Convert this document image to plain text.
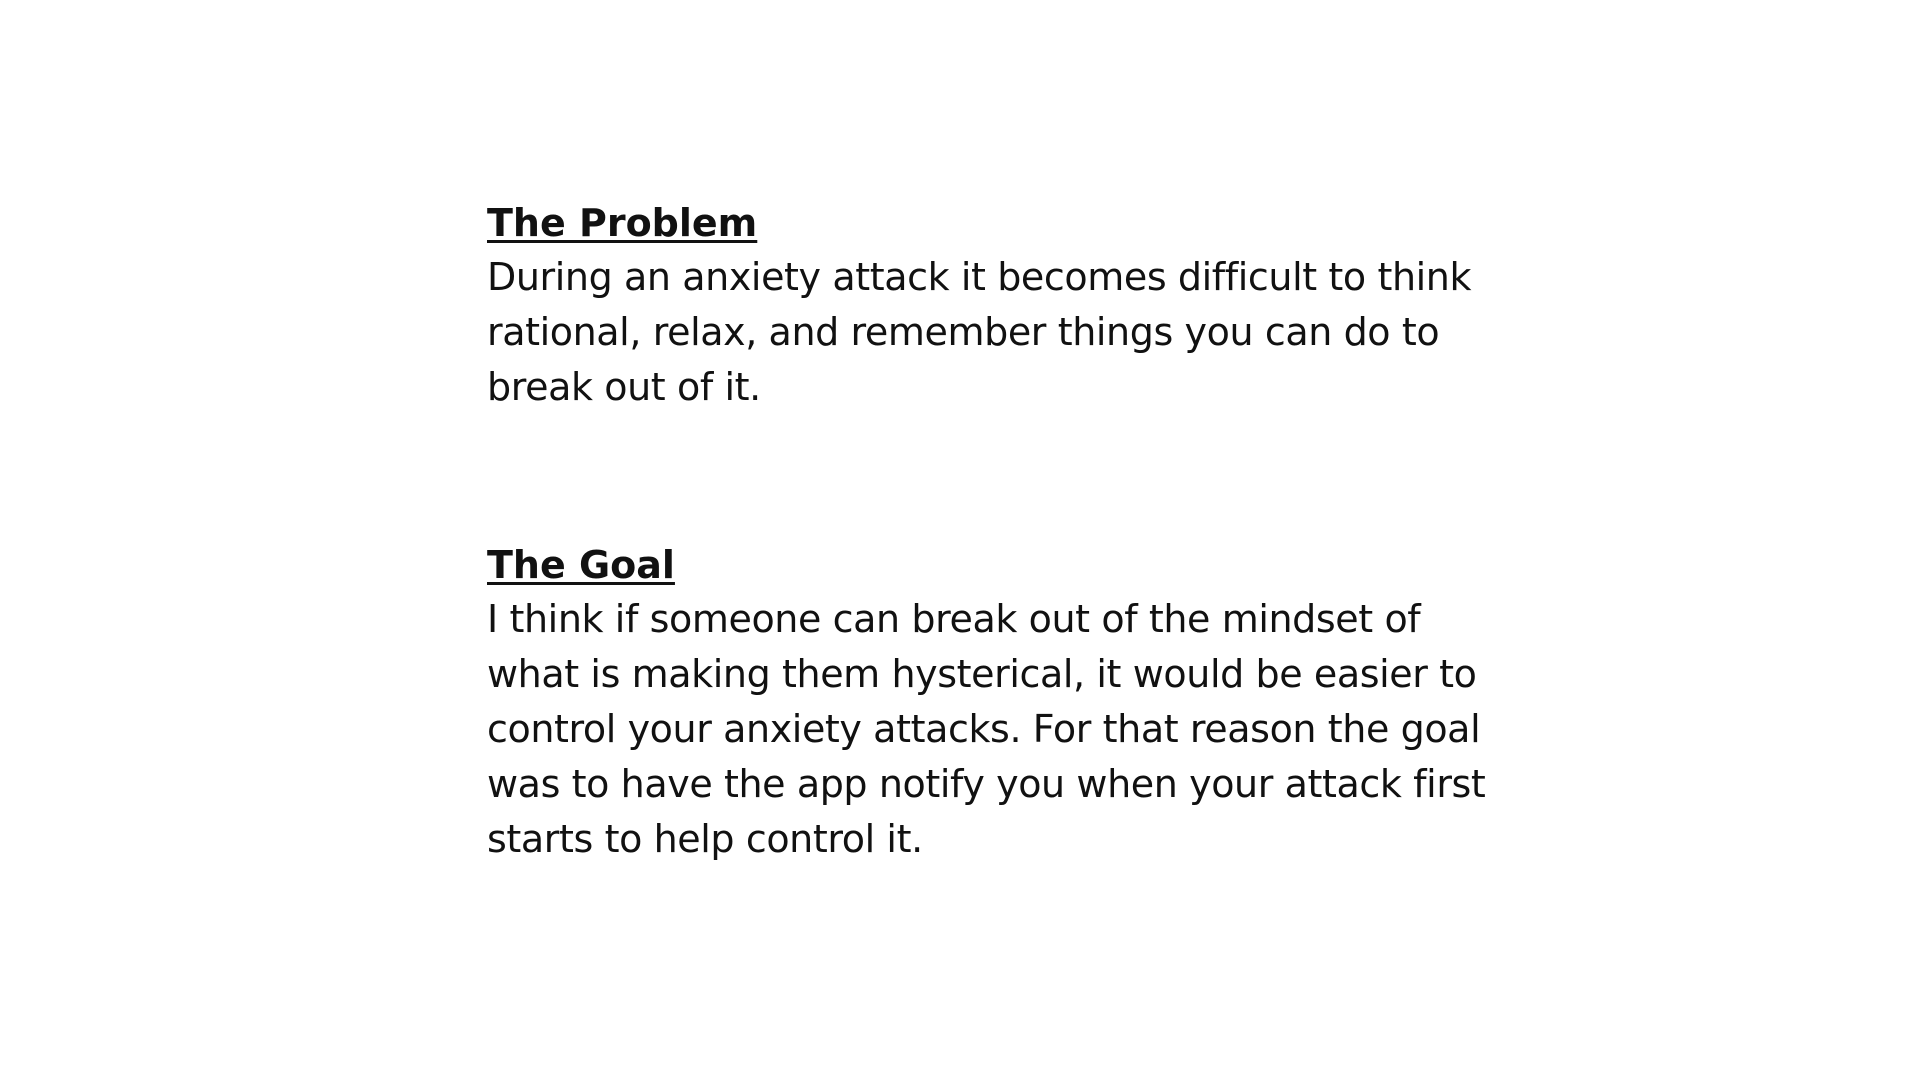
The Problem

During an anxiety attack it becomes difficult to think
rational, relax, and remember things you can do to
break out of it.

The Goal

I think if someone can break out of the mindset of
what is making them hysterical, it would be easier to
control your anxiety attacks. For that reason the goal
was to have the app notify you when your attack first
starts to help control it.
